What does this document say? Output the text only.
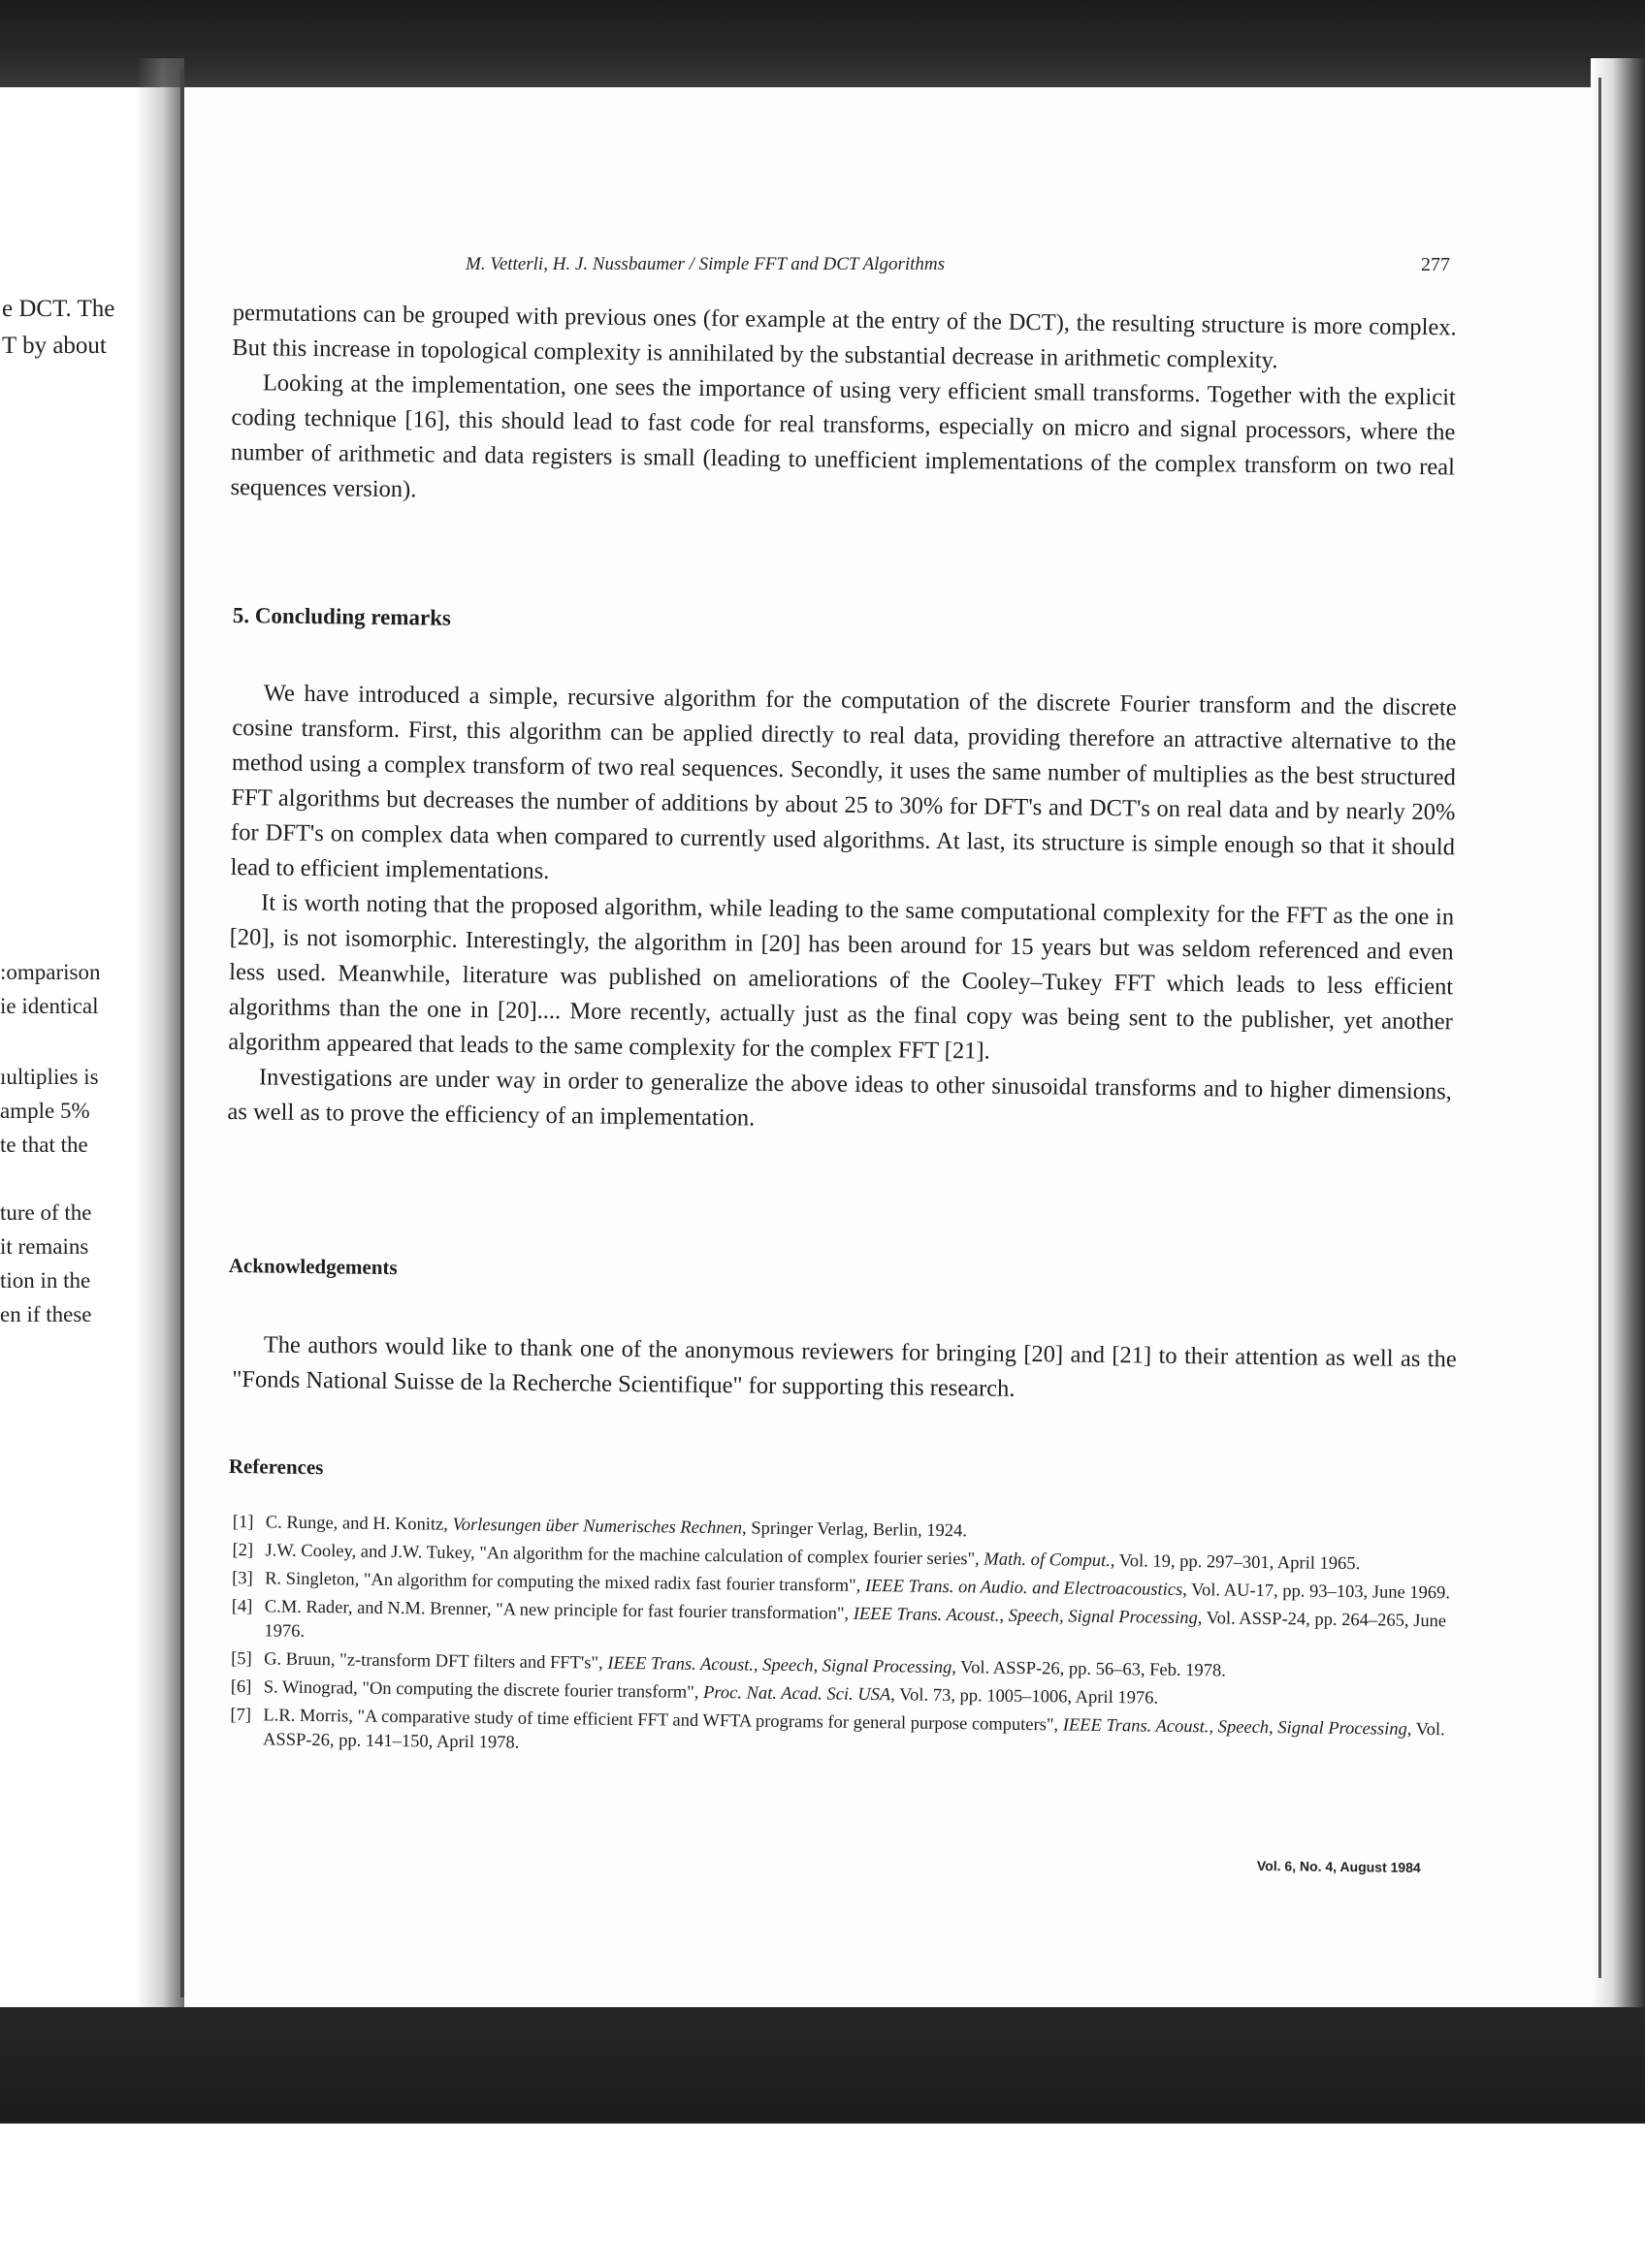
e DCT. The
T by about
:omparison
ie identical
ıultiplies is
ample 5%
te that the
ture of the
it remains
tion in the
en if these
M. Vetterli, H. J. Nussbaumer / Simple FFT and DCT Algorithms	277

permutations can be grouped with previous ones (for example at the entry of the DCT), the resulting structure is more complex. But this increase in topological complexity is annihilated by the substantial decrease in arithmetic complexity.

Looking at the implementation, one sees the importance of using very efficient small transforms. Together with the explicit coding technique [16], this should lead to fast code for real transforms, especially on micro and signal processors, where the number of arithmetic and data registers is small (leading to unefficient implementations of the complex transform on two real sequences version).

5. Concluding remarks

We have introduced a simple, recursive algorithm for the computation of the discrete Fourier transform and the discrete cosine transform. First, this algorithm can be applied directly to real data, providing therefore an attractive alternative to the method using a complex transform of two real sequences. Secondly, it uses the same number of multiplies as the best structured FFT algorithms but decreases the number of additions by about 25 to 30% for DFT's and DCT's on real data and by nearly 20% for DFT's on complex data when compared to currently used algorithms. At last, its structure is simple enough so that it should lead to efficient implementations.

It is worth noting that the proposed algorithm, while leading to the same computational complexity for the FFT as the one in [20], is not isomorphic. Interestingly, the algorithm in [20] has been around for 15 years but was seldom referenced and even less used. Meanwhile, literature was published on ameliorations of the Cooley–Tukey FFT which leads to less efficient algorithms than the one in [20].... More recently, actually just as the final copy was being sent to the publisher, yet another algorithm appeared that leads to the same complexity for the complex FFT [21].

Investigations are under way in order to generalize the above ideas to other sinusoidal transforms and to higher dimensions, as well as to prove the efficiency of an implementation.

Acknowledgements

The authors would like to thank one of the anonymous reviewers for bringing [20] and [21] to their attention as well as the "Fonds National Suisse de la Recherche Scientifique" for supporting this research.

References
[1] C. Runge, and H. Konitz, Vorlesungen über Numerisches Rechnen, Springer Verlag, Berlin, 1924.
[2] J.W. Cooley, and J.W. Tukey, "An algorithm for the machine calculation of complex fourier series", Math. of Comput., Vol. 19, pp. 297–301, April 1965.
[3] R. Singleton, "An algorithm for computing the mixed radix fast fourier transform", IEEE Trans. on Audio. and Electroacoustics, Vol. AU-17, pp. 93–103, June 1969.
[4] C.M. Rader, and N.M. Brenner, "A new principle for fast fourier transformation", IEEE Trans. Acoust., Speech, Signal Processing, Vol. ASSP-24, pp. 264–265, June 1976.
[5] G. Bruun, "z-transform DFT filters and FFT's", IEEE Trans. Acoust., Speech, Signal Processing, Vol. ASSP-26, pp. 56–63, Feb. 1978.
[6] S. Winograd, "On computing the discrete fourier transform", Proc. Nat. Acad. Sci. USA, Vol. 73, pp. 1005–1006, April 1976.
[7] L.R. Morris, "A comparative study of time efficient FFT and WFTA programs for general purpose computers", IEEE Trans. Acoust., Speech, Signal Processing, Vol. ASSP-26, pp. 141–150, April 1978.
Vol. 6, No. 4, August 1984
